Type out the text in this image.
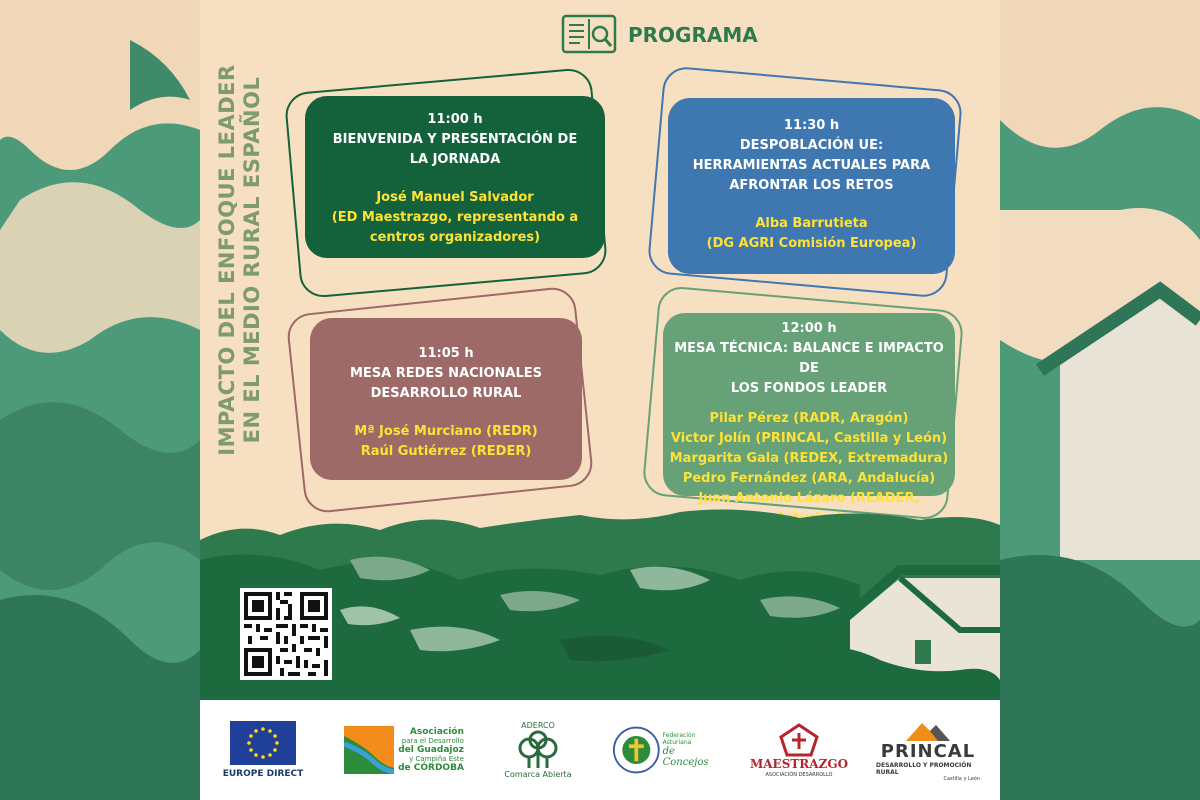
IMPACTO DEL ENFOQUE LEADER EN EL MEDIO RURAL ESPAÑOL
PROGRAMA
11:00 h
BIENVENIDA Y PRESENTACIÓN DE
LA JORNADA
José Manuel Salvador
(ED Maestrazgo, representando a
centros organizadores)
11:30 h
DESPOBLACIÓN UE:
HERRAMIENTAS ACTUALES PARA
AFRONTAR LOS RETOS
Alba Barrutieta
(DG AGRI Comisión Europea)
11:05 h
MESA REDES NACIONALES
DESARROLLO RURAL
Mª José Murciano (REDR)
Raúl Gutiérrez (REDER)
12:00 h
MESA TÉCNICA: BALANCE E IMPACTO DE
LOS FONDOS LEADER
Pilar Pérez (RADR, Aragón)
Victor Jolín (PRINCAL, Castilla y León)
Margarita Gala (REDEX, Extremadura)
Pedro Fernández (ARA, Andalucía)
Juan Antonio Lázaro (READER,
EUROPE DIRECT
Asociación
para el Desarrollo
del Guadajoz
y Campiña Este
de CÓRDOBA
ADERCO
Comarca Abierta
Federación Asturiana
de Concejos	MAESTRAZGO
ASOCIACIÓN DESARROLLO
PRINCAL
DESARROLLO Y PROMOCIÓN RURAL
Castilla y León
